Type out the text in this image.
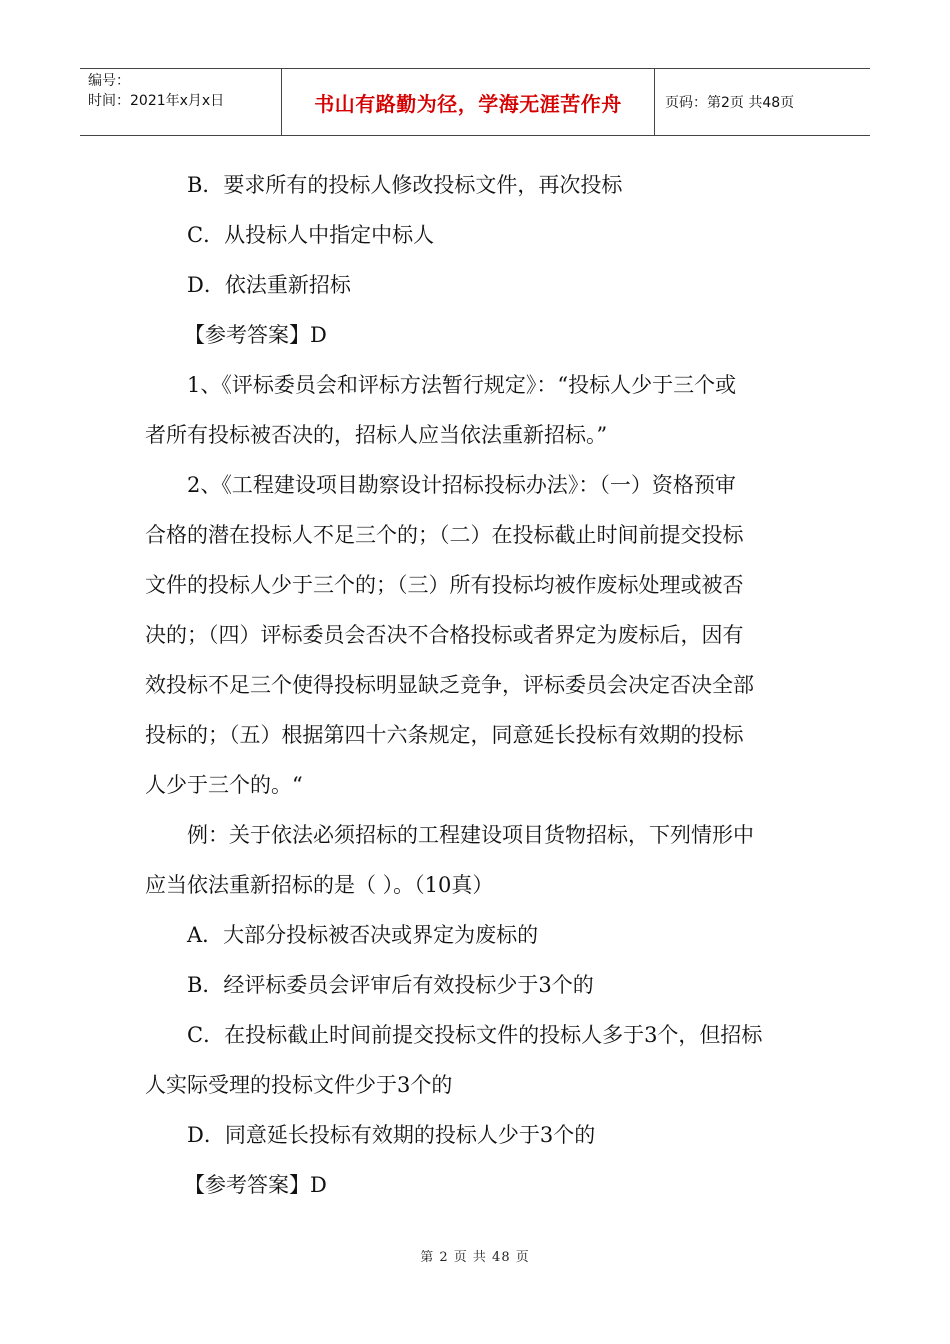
编号：
时间：2021年x月x日	书山有路勤为径，学海无涯苦作舟	页码：第2页 共48页
B．要求所有的投标人修改投标文件，再次投标
C．从投标人中指定中标人
D．依法重新招标
【参考答案】D
1、《评标委员会和评标方法暂行规定》：“投标人少于三个或
者所有投标被否决的，招标人应当依法重新招标。”
2、《工程建设项目勘察设计招标投标办法》：（一）资格预审
合格的潜在投标人不足三个的；（二）在投标截止时间前提交投标
文件的投标人少于三个的；（三）所有投标均被作废标处理或被否
决的；（四）评标委员会否决不合格投标或者界定为废标后，因有
效投标不足三个使得投标明显缺乏竞争，评标委员会决定否决全部
投标的；（五）根据第四十六条规定，同意延长投标有效期的投标
人少于三个的。“
例：关于依法必须招标的工程建设项目货物招标，下列情形中
应当依法重新招标的是（ ）。（10真）
A．大部分投标被否决或界定为废标的
B．经评标委员会评审后有效投标少于3个的
C．在投标截止时间前提交投标文件的投标人多于3个，但招标
人实际受理的投标文件少于3个的
D．同意延长投标有效期的投标人少于3个的
【参考答案】D
第 2 页 共 48 页
